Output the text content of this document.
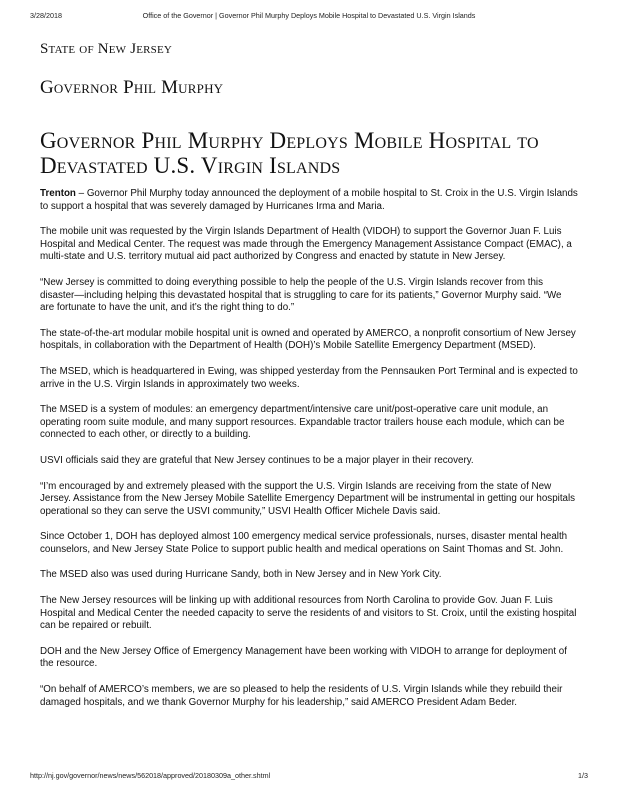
3/28/2018	Office of the Governor | Governor Phil Murphy Deploys Mobile Hospital to Devastated U.S. Virgin Islands
State of New Jersey
Governor Phil Murphy
Governor Phil Murphy Deploys Mobile Hospital to Devastated U.S. Virgin Islands

Trenton – Governor Phil Murphy today announced the deployment of a mobile hospital to St. Croix in the U.S. Virgin Islands to support a hospital that was severely damaged by Hurricanes Irma and Maria.

The mobile unit was requested by the Virgin Islands Department of Health (VIDOH) to support the Governor Juan F. Luis Hospital and Medical Center. The request was made through the Emergency Management Assistance Compact (EMAC), a multi-state and U.S. territory mutual aid pact authorized by Congress and enacted by statute in New Jersey.

“New Jersey is committed to doing everything possible to help the people of the U.S. Virgin Islands recover from this disaster—including helping this devastated hospital that is struggling to care for its patients,” Governor Murphy said. “We are fortunate to have the unit, and it’s the right thing to do.”

The state-of-the-art modular mobile hospital unit is owned and operated by AMERCO, a nonprofit consortium of New Jersey hospitals, in collaboration with the Department of Health (DOH)’s Mobile Satellite Emergency Department (MSED).

The MSED, which is headquartered in Ewing, was shipped yesterday from the Pennsauken Port Terminal and is expected to arrive in the U.S. Virgin Islands in approximately two weeks.

The MSED is a system of modules: an emergency department/intensive care unit/post-operative care unit module, an operating room suite module, and many support resources. Expandable tractor trailers house each module, which can be connected to each other, or directly to a building.

USVI officials said they are grateful that New Jersey continues to be a major player in their recovery.

“I’m encouraged by and extremely pleased with the support the U.S. Virgin Islands are receiving from the state of New Jersey. Assistance from the New Jersey Mobile Satellite Emergency Department will be instrumental in getting our hospitals operational so they can serve the USVI community,” USVI Health Officer Michele Davis said.

Since October 1, DOH has deployed almost 100 emergency medical service professionals, nurses, disaster mental health counselors, and New Jersey State Police to support public health and medical operations on Saint Thomas and St. John.

The MSED also was used during Hurricane Sandy, both in New Jersey and in New York City.

The New Jersey resources will be linking up with additional resources from North Carolina to provide Gov. Juan F. Luis Hospital and Medical Center the needed capacity to serve the residents of and visitors to St. Croix, until the existing hospital can be repaired or rebuilt.

DOH and the New Jersey Office of Emergency Management have been working with VIDOH to arrange for deployment of the resource.

“On behalf of AMERCO’s members, we are so pleased to help the residents of U.S. Virgin Islands while they rebuild their damaged hospitals, and we thank Governor Murphy for his leadership,” said AMERCO President Adam Beder.

http://nj.gov/governor/news/news/562018/approved/20180309a_other.shtml	1/3
